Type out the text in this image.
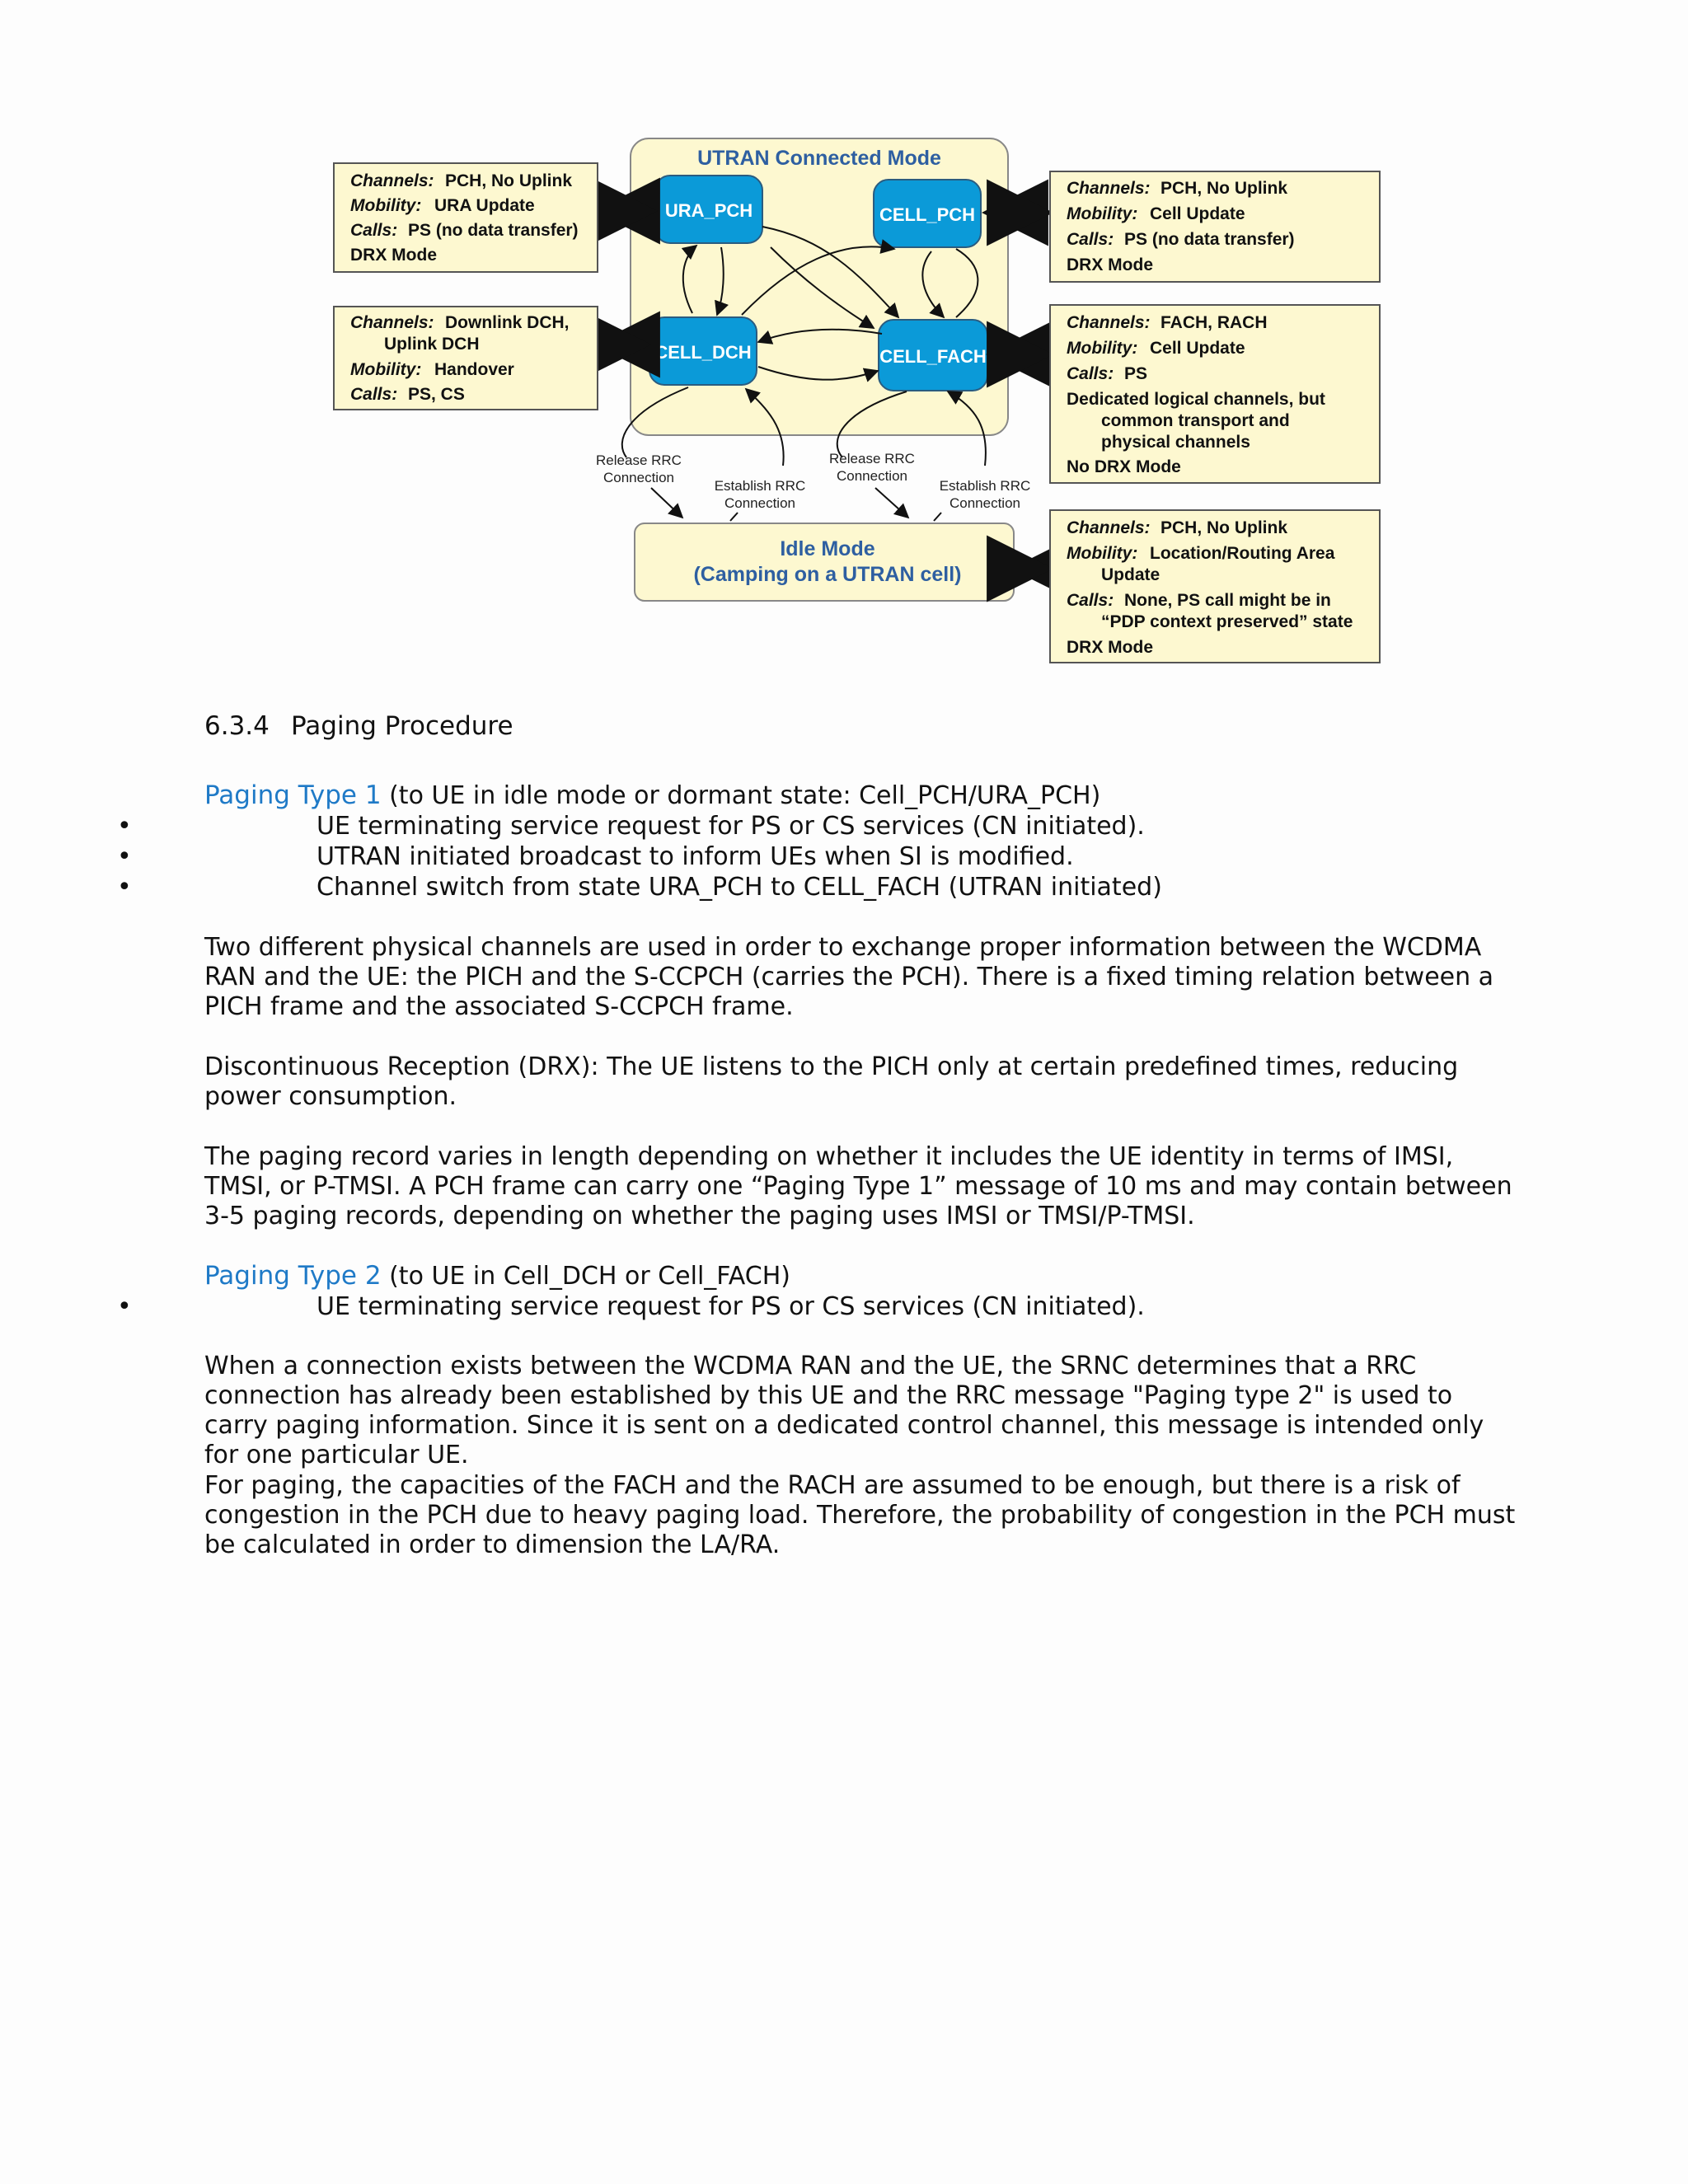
UTRAN Connected Mode
URA_PCH	CELL_PCH
CELL_DCH	CELL_FACH
Release RRC
Connection
Establish RRC
Connection
Release RRC
Connection
Establish RRC
Connection
Idle Mode
(Camping on a UTRAN cell)
Channels: PCH, No Uplink
Mobility: URA Update
Calls: PS (no data transfer)
DRX Mode
Channels: Downlink DCH,
Uplink DCH
Mobility: Handover
Calls: PS, CS
Channels: PCH, No Uplink
Mobility: Cell Update
Calls: PS (no data transfer)
DRX Mode
Channels: FACH, RACH
Mobility: Cell Update
Calls: PS
Dedicated logical channels, but
common transport and
physical channels
No DRX Mode
Channels: PCH, No Uplink
Mobility: Location/Routing Area
Update
Calls: None, PS call might be in
“PDP context preserved” state
DRX Mode
6.3.4 Paging Procedure
Paging Type 1 (to UE in idle mode or dormant state: Cell_PCH/URA_PCH)
•	UE terminating service request for PS or CS services (CN initiated).
•	UTRAN initiated broadcast to inform UEs when SI is modified.
•	Channel switch from state URA_PCH to CELL_FACH (UTRAN initiated)
Two different physical channels are used in order to exchange proper information between the WCDMA RAN and the UE: the PICH and the S-CCPCH (carries the PCH). There is a fixed timing relation between a PICH frame and the associated S-CCPCH frame.
Discontinuous Reception (DRX): The UE listens to the PICH only at certain predefined times, reducing power consumption.
The paging record varies in length depending on whether it includes the UE identity in terms of IMSI, TMSI, or P-TMSI. A PCH frame can carry one “Paging Type 1” message of 10 ms and may contain between 3-5 paging records, depending on whether the paging uses IMSI or TMSI/P-TMSI.
Paging Type 2 (to UE in Cell_DCH or Cell_FACH)
•	UE terminating service request for PS or CS services (CN initiated).
When a connection exists between the WCDMA RAN and the UE, the SRNC determines that a RRC connection has already been established by this UE and the RRC message "Paging type 2" is used to carry paging information. Since it is sent on a dedicated control channel, this message is intended only for one particular UE.
For paging, the capacities of the FACH and the RACH are assumed to be enough, but there is a risk of congestion in the PCH due to heavy paging load. Therefore, the probability of congestion in the PCH must be calculated in order to dimension the LA/RA.
